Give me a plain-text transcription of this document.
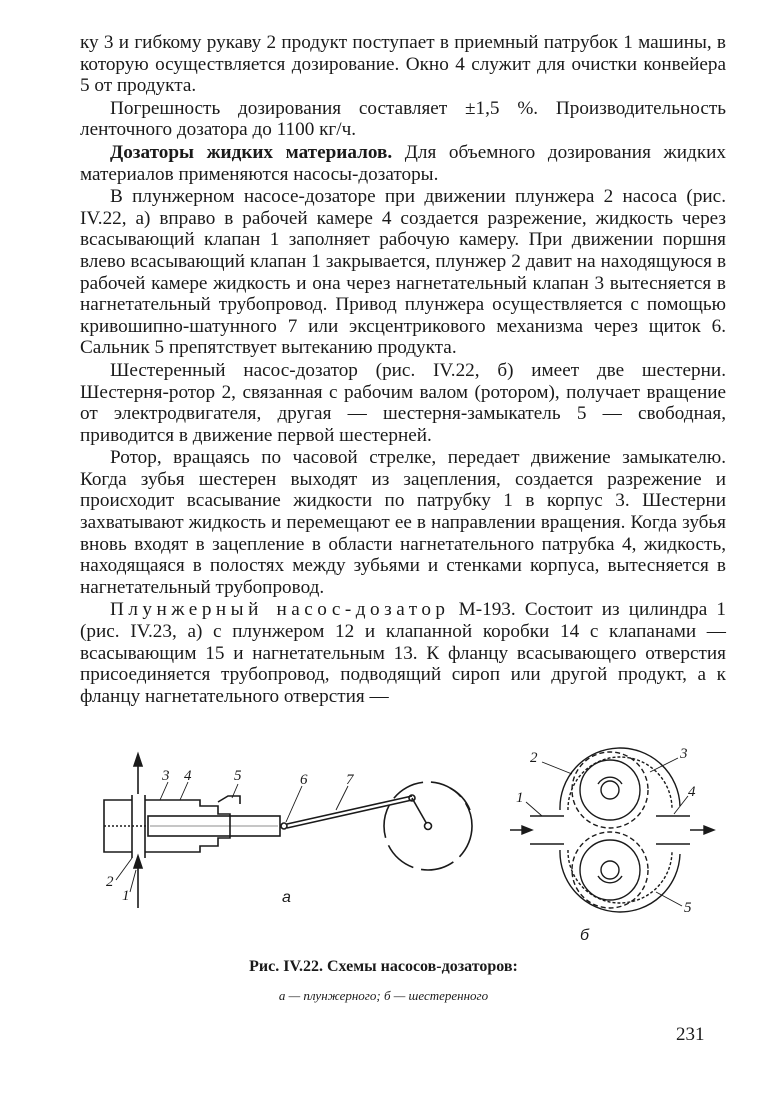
ку 3 и гибкому рукаву 2 продукт поступает в приемный патрубок 1 машины, в которую осуществляется дозирование. Окно 4 служит для очистки конвейера 5 от продукта.

Погрешность дозирования составляет ±1,5 %. Производительность ленточного дозатора до 1100 кг/ч.

Дозаторы жидких материалов. Для объемного дозирования жидких материалов применяются насосы-дозаторы.

В плунжерном насосе-дозаторе при движении плунжера 2 насоса (рис. IV.22, а) вправо в рабочей камере 4 создается разрежение, жидкость через всасывающий клапан 1 заполняет рабочую камеру. При движении поршня влево всасывающий клапан 1 закрывается, плунжер 2 давит на находящуюся в рабочей камере жидкость и она через нагнетательный клапан 3 вытесняется в нагнетательный трубопровод. Привод плунжера осуществляется с помощью кривошипно-шатунного 7 или эксцентрикового механизма через щиток 6. Сальник 5 препятствует вытеканию продукта.

Шестеренный насос-дозатор (рис. IV.22, б) имеет две шестерни. Шестерня-ротор 2, связанная с рабочим валом (ротором), получает вращение от электродвигателя, другая — шестерня-замыкатель 5 — свободная, приводится в движение первой шестерней.

Ротор, вращаясь по часовой стрелке, передает движение замыкателю. Когда зубья шестерен выходят из зацепления, создается разрежение и происходит всасывание жидкости по патрубку 1 в корпус 3. Шестерни захватывают жидкость и перемещают ее в направлении вращения. Когда зубья вновь входят в зацепление в области нагнетательного патрубка 4, жидкость, находящаяся в полостях между зубьями и стенками корпуса, вытесняется в нагнетательный трубопровод.

Плунжерный насос-дозатор М-193. Состоит из цилиндра 1 (рис. IV.23, а) с плунжером 12 и клапанной коробки 14 с клапанами — всасывающим 15 и нагнетательным 13. К фланцу всасывающего отверстия присоединяется трубопровод, подводящий сироп или другой продукт, а к фланцу нагнетательного отверстия —

3 4	5	6	7
2
1	а
2	3
1	4
5
б
Рис. IV.22. Схемы насосов-дозаторов:
а — плунжерного; б — шестеренного
231
